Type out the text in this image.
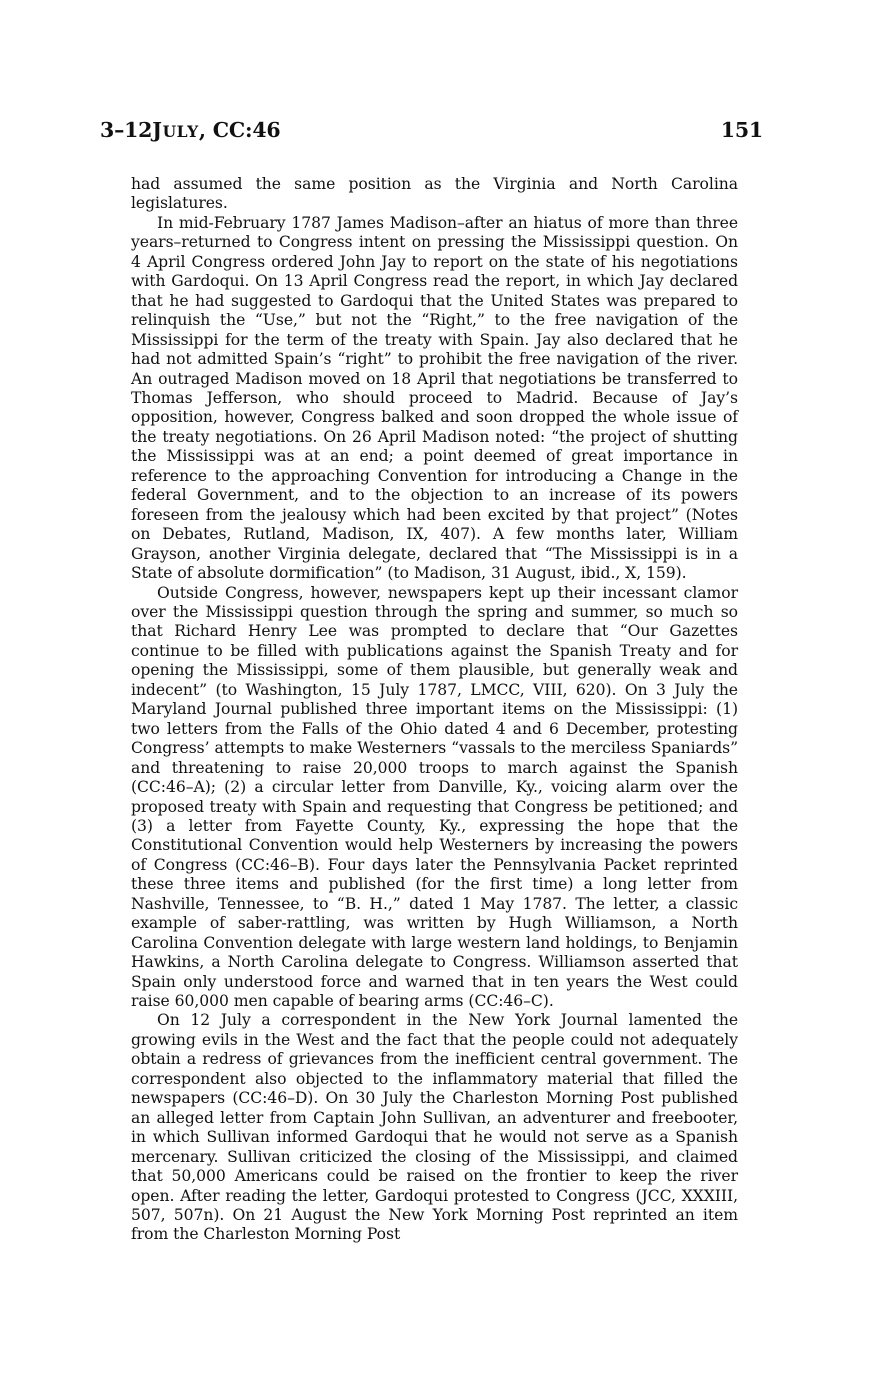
3–12JULY, CC:46	151

had assumed the same position as the Virginia and North Carolina legislatures.

In mid-February 1787 James Madison–after an hiatus of more than three years–returned to Congress intent on pressing the Mississippi question. On 4 April Congress ordered John Jay to report on the state of his negotiations with Gardoqui. On 13 April Congress read the report, in which Jay declared that he had suggested to Gardoqui that the United States was prepared to relinquish the “Use,” but not the “Right,” to the free navigation of the Mississippi for the term of the treaty with Spain. Jay also declared that he had not admitted Spain’s “right” to prohibit the free navigation of the river. An outraged Madison moved on 18 April that negotiations be transferred to Thomas Jefferson, who should proceed to Madrid. Because of Jay’s opposition, however, Congress balked and soon dropped the whole issue of the treaty negotiations. On 26 April Madison noted: “the project of shutting the Mississippi was at an end; a point deemed of great importance in reference to the approaching Convention for introducing a Change in the federal Government, and to the objection to an increase of its powers foreseen from the jealousy which had been excited by that project” (Notes on Debates, Rutland, Madison, IX, 407). A few months later, William Grayson, another Virginia delegate, declared that “The Mississippi is in a State of absolute dormification” (to Madison, 31 August, ibid., X, 159).

Outside Congress, however, newspapers kept up their incessant clamor over the Mississippi question through the spring and summer, so much so that Richard Henry Lee was prompted to declare that “Our Gazettes continue to be filled with publications against the Spanish Treaty and for opening the Mississippi, some of them plausible, but generally weak and indecent” (to Washington, 15 July 1787, LMCC, VIII, 620). On 3 July the Maryland Journal published three important items on the Mississippi: (1) two letters from the Falls of the Ohio dated 4 and 6 December, protesting Congress’ attempts to make Westerners “vassals to the merciless Spaniards” and threatening to raise 20,000 troops to march against the Spanish (CC:46–A); (2) a circular letter from Danville, Ky., voicing alarm over the proposed treaty with Spain and requesting that Congress be petitioned; and (3) a letter from Fayette County, Ky., expressing the hope that the Constitutional Convention would help Westerners by increasing the powers of Congress (CC:46–B). Four days later the Pennsylvania Packet reprinted these three items and published (for the first time) a long letter from Nashville, Tennessee, to “B. H.,” dated 1 May 1787. The letter, a classic example of saber-rattling, was written by Hugh Williamson, a North Carolina Convention delegate with large western land holdings, to Benjamin Hawkins, a North Carolina delegate to Congress. Williamson asserted that Spain only understood force and warned that in ten years the West could raise 60,000 men capable of bearing arms (CC:46–C).

On 12 July a correspondent in the New York Journal lamented the growing evils in the West and the fact that the people could not adequately obtain a redress of grievances from the inefficient central government. The correspondent also objected to the inflammatory material that filled the newspapers (CC:46–D). On 30 July the Charleston Morning Post published an alleged letter from Captain John Sullivan, an adventurer and freebooter, in which Sullivan informed Gardoqui that he would not serve as a Spanish mercenary. Sullivan criticized the closing of the Mississippi, and claimed that 50,000 Americans could be raised on the frontier to keep the river open. After reading the letter, Gardoqui protested to Congress (JCC, XXXIII, 507, 507n). On 21 August the New York Morning Post reprinted an item from the Charleston Morning Post
